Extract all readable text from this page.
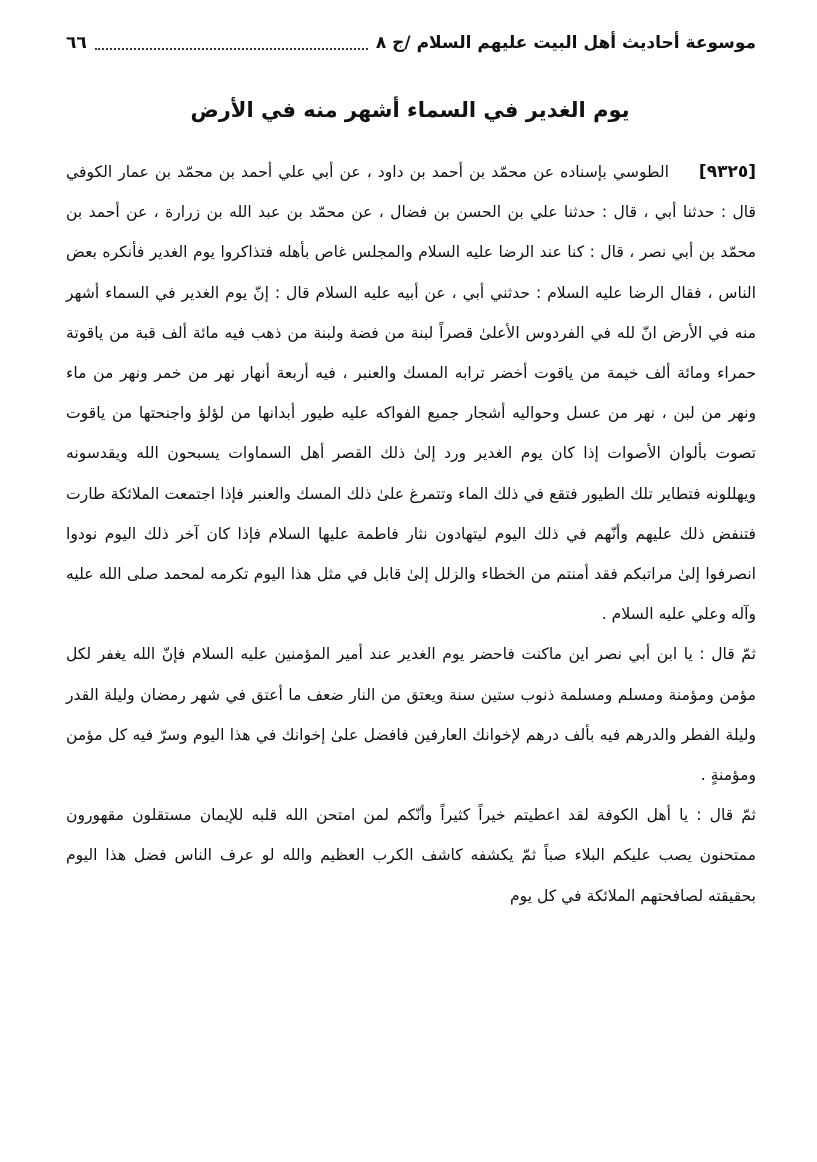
موسوعة أحاديث أهل البيت عليهم السلام /ج ٨
٦٦
يوم الغدير في السماء أشهر منه في الأرض

[٩٣٢٥]الطوسي بإسناده عن محمّد بن أحمد بن داود ، عن أبي علي أحمد بن محمّد بن عمار الكوفي قال : حدثنا أبي ، قال : حدثنا علي بن الحسن بن فضال ، عن محمّد بن عبد الله بن زرارة ، عن أحمد بن محمّد بن أبي نصر ، قال : كنا عند الرضا عليه السلام والمجلس غاص بأهله فتذاكروا يوم الغدير فأنكره بعض الناس ، فقال الرضا عليه السلام : حدثني أبي ، عن أبيه عليه السلام قال : إنّ يوم الغدير في السماء أشهر منه في الأرض انّ لله في الفردوس الأعلىٰ قصراً لبنة من فضة ولبنة من ذهب فيه مائة ألف قبة من ياقوتة حمراء ومائة ألف خيمة من ياقوت أخضر ترابه المسك والعنبر ، فيه أربعة أنهار نهر من خمر ونهر من ماء ونهر من لبن ، نهر من عسل وحواليه أشجار جميع الفواكه عليه طيور أبدانها من لؤلؤ واجنحتها من ياقوت تصوت بألوان الأصوات إذا كان يوم الغدير ورد إلىٰ ذلك القصر أهل السماوات يسبحون الله ويقدسونه ويهللونه فتطاير تلك الطيور فتقع في ذلك الماء وتتمرغ علىٰ ذلك المسك والعنبر فإذا اجتمعت الملائكة طارت فتنفض ذلك عليهم وأنّهم في ذلك اليوم ليتهادون نثار فاطمة عليها السلام فإذا كان آخر ذلك اليوم نودوا انصرفوا إلىٰ مراتبكم فقد أمنتم من الخطاء والزلل إلىٰ قابل في مثل هذا اليوم تكرمه لمحمد صلى الله عليه وآله وعلي عليه السلام .

ثمّ قال : يا ابن أبي نصر اين ماكنت فاحضر يوم الغدير عند أمير المؤمنين عليه السلام فإنّ الله يغفر لكل مؤمن ومؤمنة ومسلم ومسلمة ذنوب ستين سنة ويعتق من النار ضعف ما أعتق في شهر رمضان وليلة القدر وليلة الفطر والدرهم فيه بألف درهم لإخوانك العارفين فافضل علىٰ إخوانك في هذا اليوم وسرّ فيه كل مؤمن ومؤمنةٍ .

ثمّ قال : يا أهل الكوفة لقد اعطيتم خيراً كثيراً وأنّكم لمن امتحن الله قلبه للإيمان مستقلون مقهورون ممتحنون يصب عليكم البلاء صباً ثمّ يكشفه كاشف الكرب العظيم والله لو عرف الناس فضل هذا اليوم بحقيقته لصافحتهم الملائكة في كل يوم
